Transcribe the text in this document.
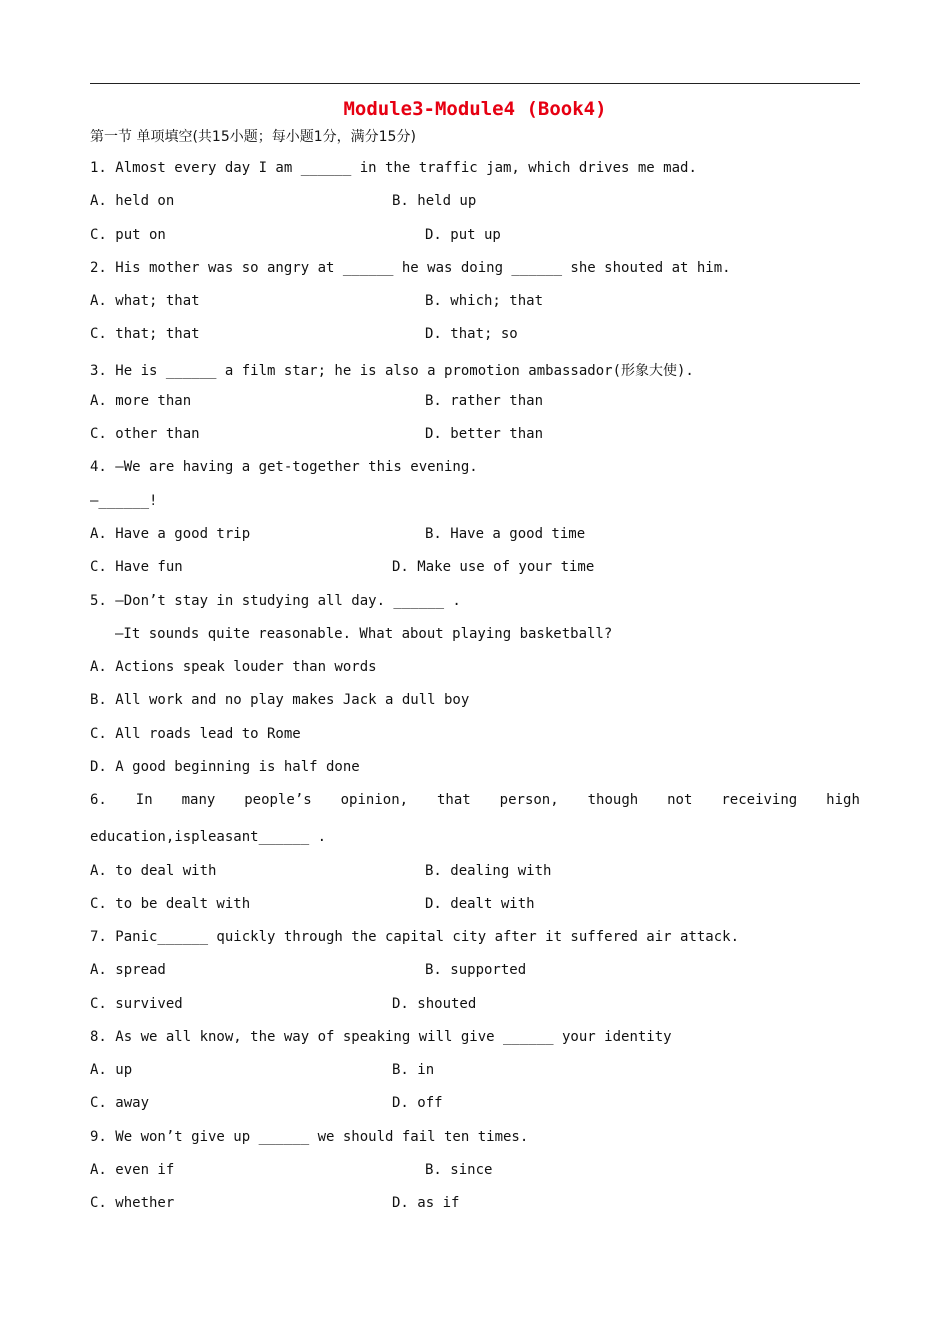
Module3-Module4 (Book4)
第一节 单项填空(共15小题；每小题1分，满分15分)
1. Almost every day I am ______ in the traffic jam, which drives me mad.
A. held on	B. held up
C. put on	D. put up
2. His mother was so angry at ______ he was doing ______ she shouted at him.
A. what; that	B. which; that
C. that; that	D. that; so
3. He is ______ a film star; he is also a promotion ambassador(形象大使).
A. more than	B. rather than
C. other than	D. better than
4. —We are having a get-together this evening.
—______!
A. Have a good trip	B. Have a good time
C. Have fun	D. Make use of your time
5. —Don’t stay in studying all day. ______ .
—It sounds quite reasonable. What about playing basketball?
A. Actions speak louder than words
B. All work and no play makes Jack a dull boy
C. All roads lead to Rome
D. A good beginning is half done
6. In many people’s opinion, that person, though not receiving high
education,ispleasant______ .
A. to deal with	B. dealing with
C. to be dealt with	D. dealt with
7. Panic______ quickly through the capital city after it suffered air attack.
A. spread	B. supported
C. survived	D. shouted
8. As we all know, the way of speaking will give ______ your identity
A. up	B. in
C. away	D. off
9. We won’t give up ______ we should fail ten times.
A. even if	B. since
C. whether	D. as if
